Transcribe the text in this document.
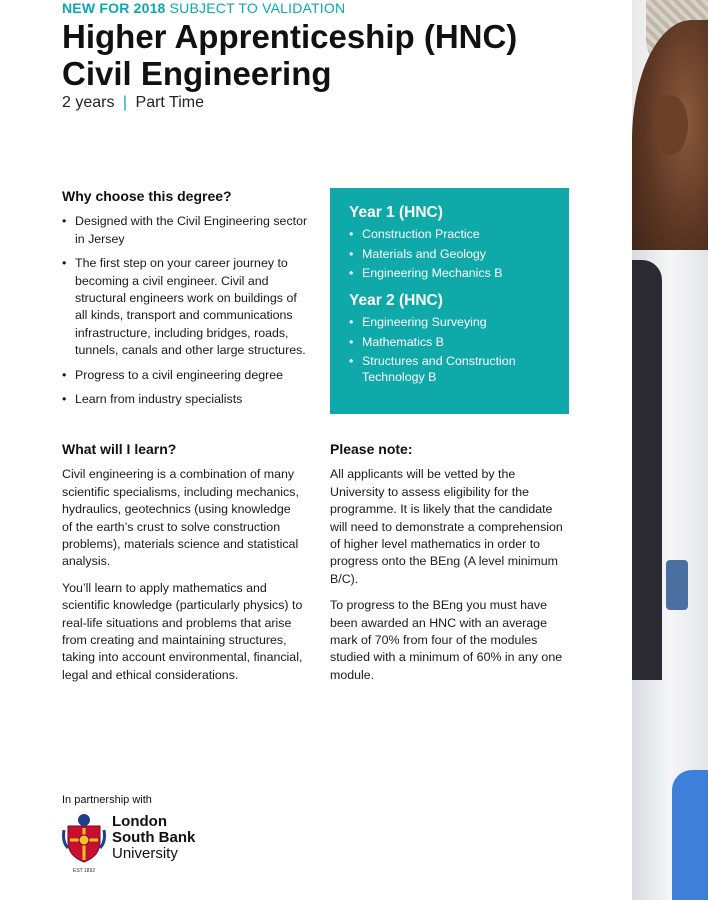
NEW FOR 2018 SUBJECT TO VALIDATION
Higher Apprenticeship (HNC)
Civil Engineering
2 years | Part Time
Why choose this degree?
• Designed with the Civil Engineering sector in Jersey
• The first step on your career journey to becoming a civil engineer. Civil and structural engineers work on buildings of all kinds, transport and communications infrastructure, including bridges, roads, tunnels, canals and other large structures.
• Progress to a civil engineering degree
• Learn from industry specialists
Year 1 (HNC)
• Construction Practice
• Materials and Geology
• Engineering Mechanics B
Year 2 (HNC)
• Engineering Surveying
• Mathematics B
• Structures and Construction Technology B
What will I learn?

Civil engineering is a combination of many scientific specialisms, including mechanics, hydraulics, geotechnics (using knowledge of the earth’s crust to solve construction problems), materials science and statistical analysis.

You’ll learn to apply mathematics and scientific knowledge (particularly physics) to real-life situations and problems that arise from creating and maintaining structures, taking into account environmental, financial, legal and ethical considerations.

Please note:

All applicants will be vetted by the University to assess eligibility for the programme. It is likely that the candidate will need to demonstrate a comprehension of higher level mathematics in order to progress onto the BEng (A level minimum B/C).

To progress to the BEng you must have been awarded an HNC with an average mark of 70% from four of the modules studied with a minimum of 60% in any one module.

In partnership with
EST 1892
London
South Bank
University
